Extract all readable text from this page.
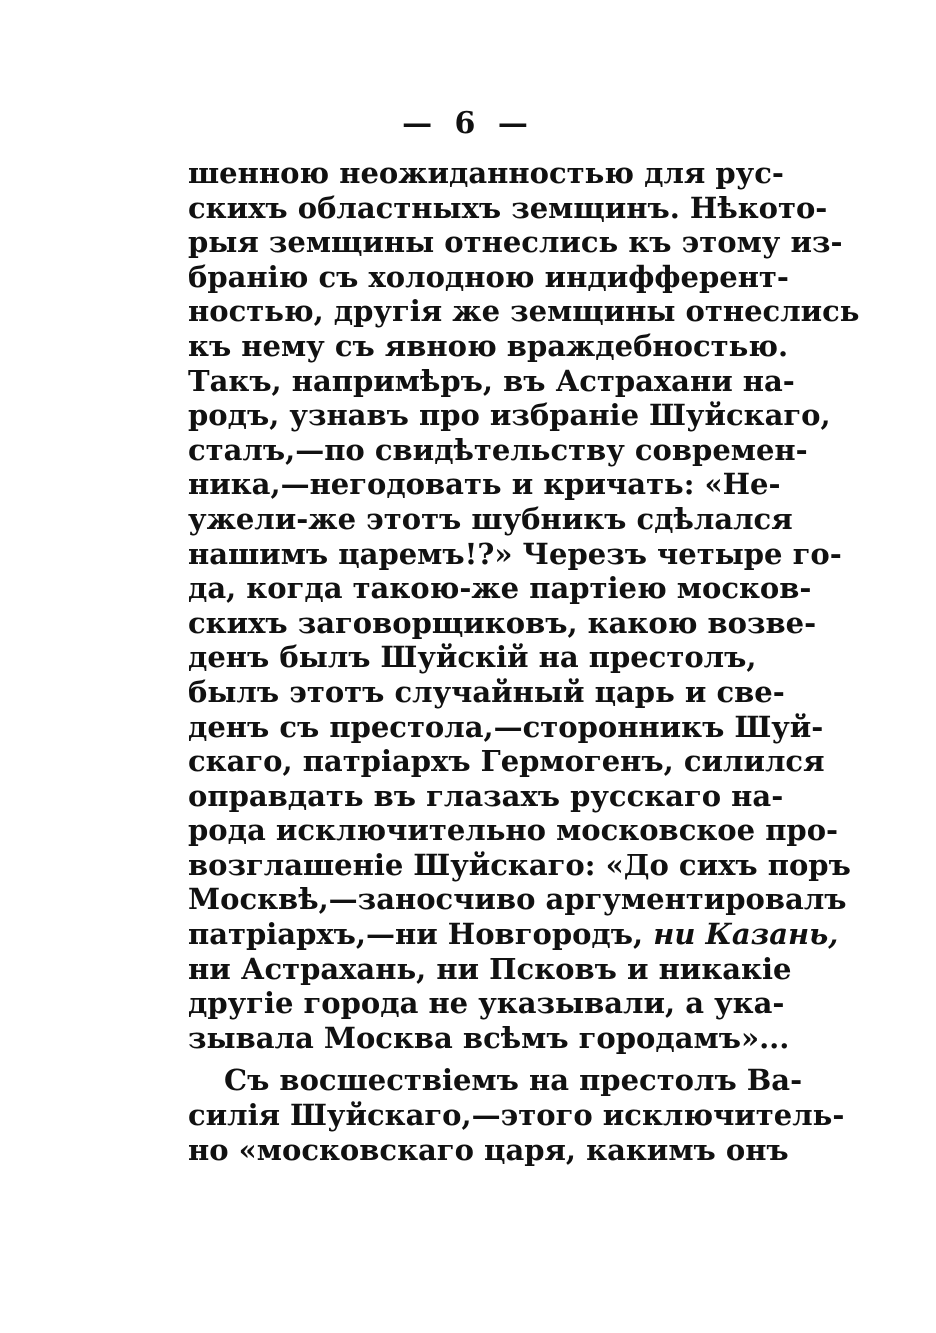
— 6 —
шенною неожиданностью для рус-
скихъ областныхъ земщинъ. Нѣкото-
рыя земщины отнеслись къ этому из-
бранію съ холодною индифферент-
ностью, другія же земщины отнеслись
къ нему съ явною враждебностью.
Такъ, напримѣръ, въ Астрахани на-
родъ, узнавъ про избраніе Шуйскаго,
сталъ,—по свидѣтельству современ-
ника,—негодовать и кричать: «Не-
ужели-же этотъ шубникъ сдѣлался
нашимъ царемъ!?» Черезъ четыре го-
да, когда такою-же партіею москов-
скихъ заговорщиковъ, какою возве-
денъ былъ Шуйскій на престолъ,
былъ этотъ случайный царь и све-
денъ съ престола,—сторонникъ Шуй-
скаго, патріархъ Гермогенъ, силился
оправдать въ глазахъ русскаго на-
рода исключительно московское про-
возглашеніе Шуйскаго: «До сихъ поръ
Москвѣ,—заносчиво аргументировалъ
патріархъ,—ни Новгородъ, ни Казань,
ни Астрахань, ни Псковъ и никакіе
другіе города не указывали, а ука-
зывала Москва всѣмъ городамъ»...
Съ восшествіемъ на престолъ Ва-
силія Шуйскаго,—этого исключитель-
но «московскаго царя, какимъ онъ
